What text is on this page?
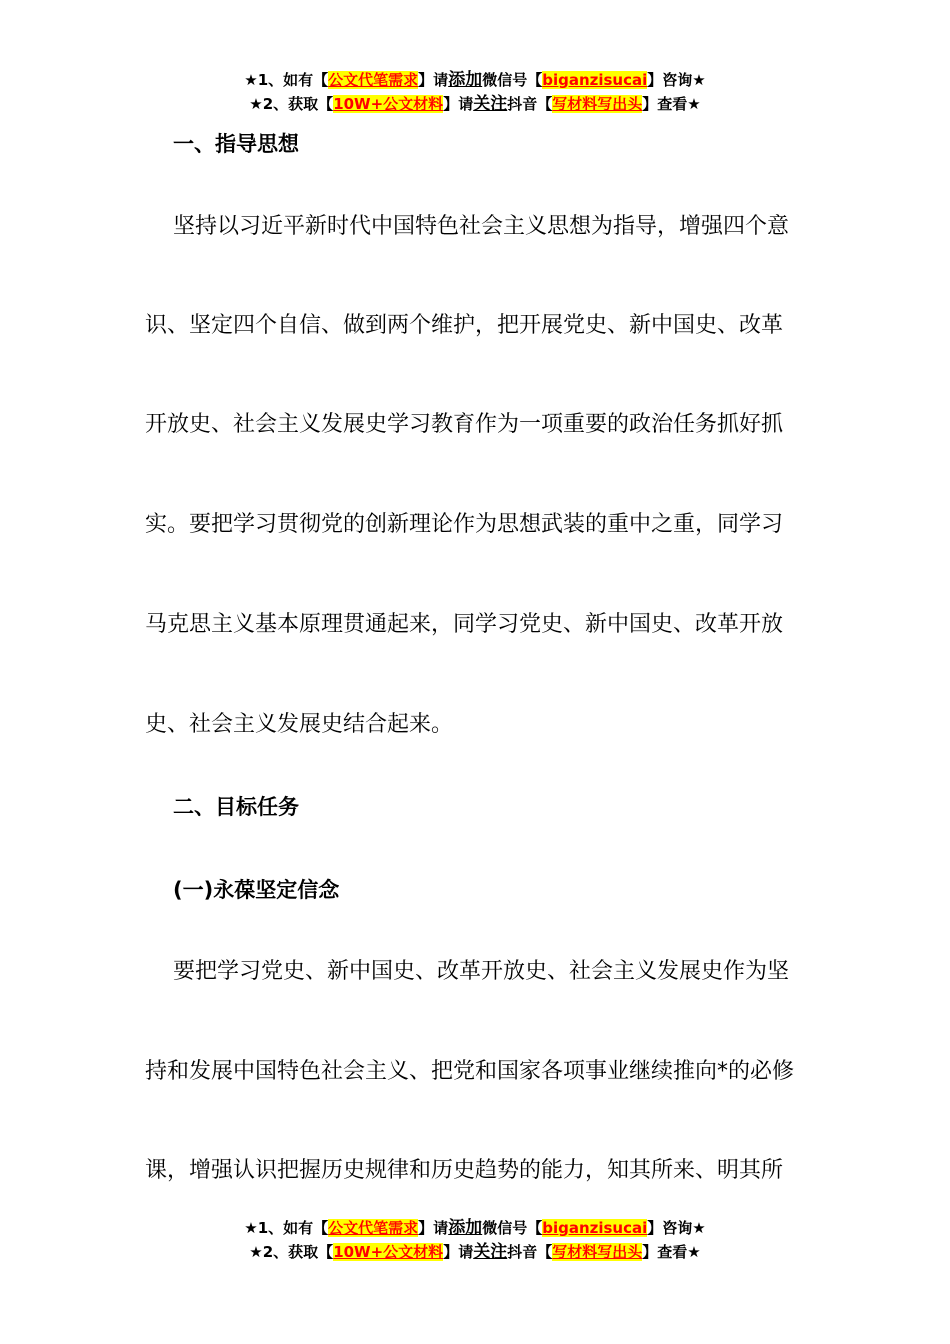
★1、如有【公文代笔需求】请添加微信号【biganzisucai】咨询★
★2、获取【10W+公文材料】请关注抖音【写材料写出头】查看★
一、指导思想
坚持以习近平新时代中国特色社会主义思想为指导，增强四个意
识、坚定四个自信、做到两个维护，把开展党史、新中国史、改革
开放史、社会主义发展史学习教育作为一项重要的政治任务抓好抓
实。要把学习贯彻党的创新理论作为思想武装的重中之重，同学习
马克思主义基本原理贯通起来，同学习党史、新中国史、改革开放
史、社会主义发展史结合起来。
二、目标任务
(一)永葆坚定信念
要把学习党史、新中国史、改革开放史、社会主义发展史作为坚
持和发展中国特色社会主义、把党和国家各项事业继续推向*的必修
课，增强认识把握历史规律和历史趋势的能力，知其所来、明其所
★1、如有【公文代笔需求】请添加微信号【biganzisucai】咨询★
★2、获取【10W+公文材料】请关注抖音【写材料写出头】查看★
